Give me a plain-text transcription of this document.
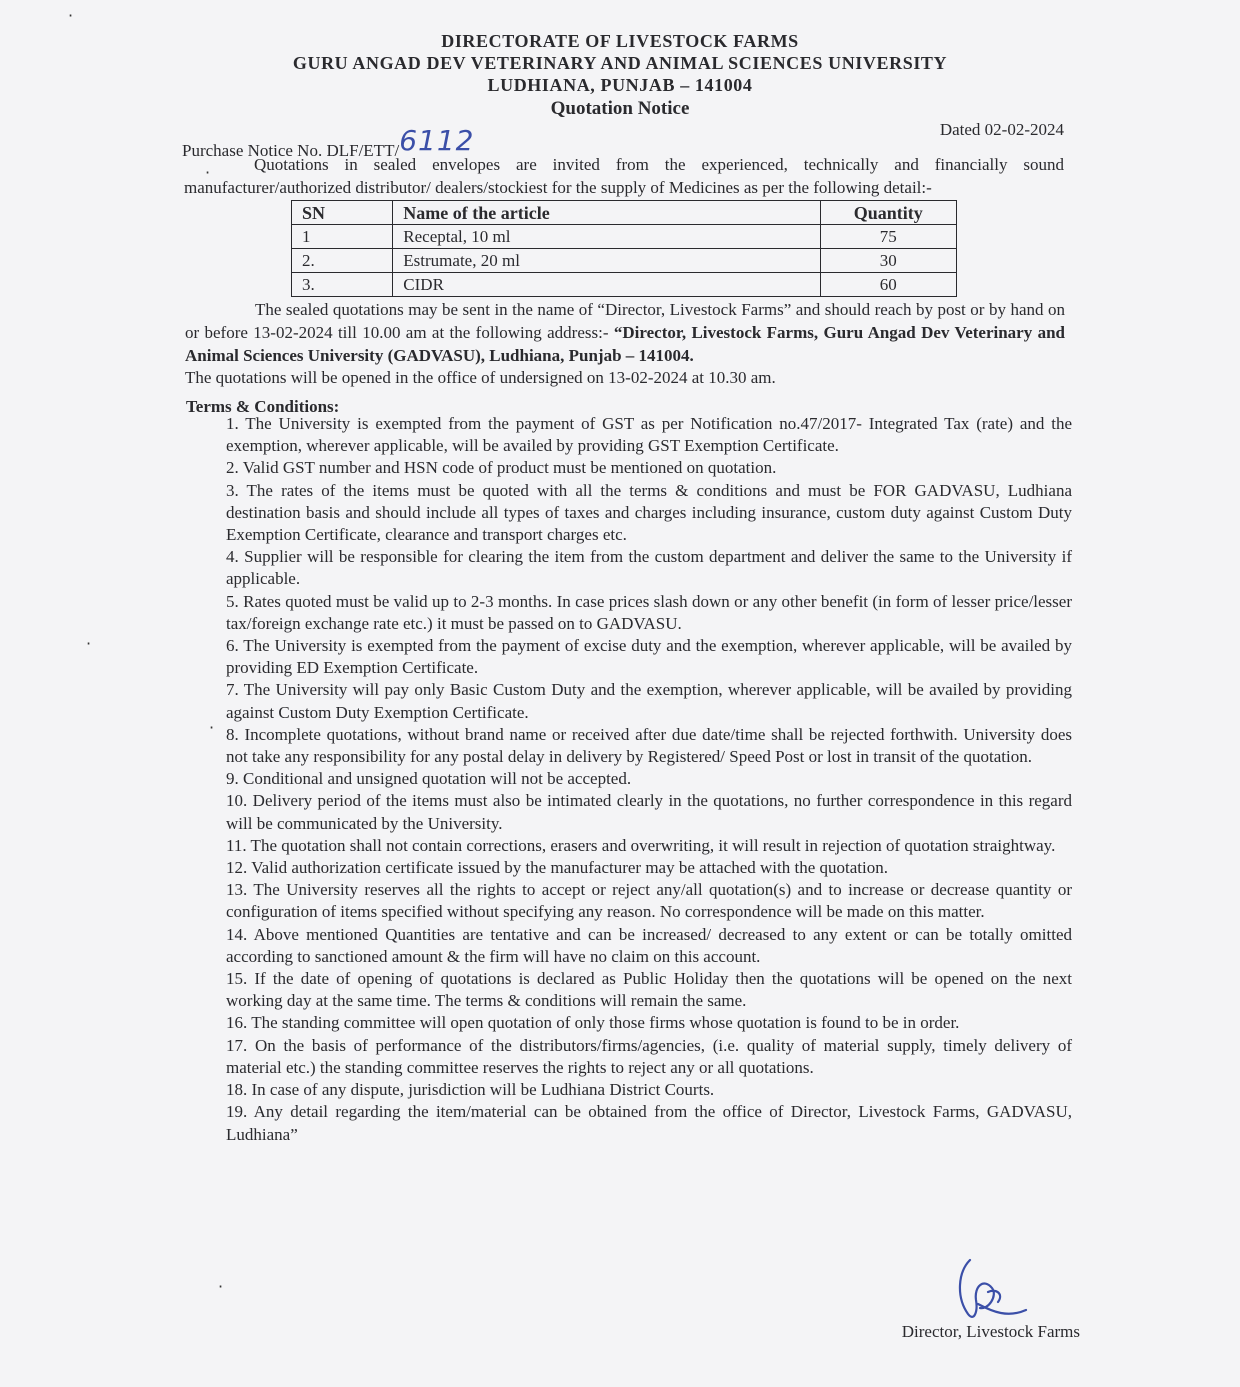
DIRECTORATE OF LIVESTOCK FARMS
GURU ANGAD DEV VETERINARY AND ANIMAL SCIENCES UNIVERSITY
LUDHIANA, PUNJAB – 141004
Quotation Notice
Purchase Notice No. DLF/ETT/6112	Dated 02-02-2024
Quotations in sealed envelopes are invited from the experienced, technically and financially sound manufacturer/authorized distributor/ dealers/stockiest for the supply of Medicines as per the following detail:-
SN	Name of the article	Quantity
1	Receptal, 10 ml	75
2.	Estrumate, 20 ml	30
3.	CIDR	60
The sealed quotations may be sent in the name of “Director, Livestock Farms” and should reach by post or by hand on or before 13-02-2024 till 10.00 am at the following address:- “Director, Livestock Farms, Guru Angad Dev Veterinary and Animal Sciences University (GADVASU), Ludhiana, Punjab – 141004.
The quotations will be opened in the office of undersigned on 13-02-2024 at 10.30 am.
Terms & Conditions:

1. The University is exempted from the payment of GST as per Notification no.47/2017- Integrated Tax (rate) and the exemption, wherever applicable, will be availed by providing GST Exemption Certificate.

2. Valid GST number and HSN code of product must be mentioned on quotation.

3. The rates of the items must be quoted with all the terms & conditions and must be FOR GADVASU, Ludhiana destination basis and should include all types of taxes and charges including insurance, custom duty against Custom Duty Exemption Certificate, clearance and transport charges etc.

4. Supplier will be responsible for clearing the item from the custom department and deliver the same to the University if applicable.

5. Rates quoted must be valid up to 2-3 months. In case prices slash down or any other benefit (in form of lesser price/lesser tax/foreign exchange rate etc.) it must be passed on to GADVASU.

6. The University is exempted from the payment of excise duty and the exemption, wherever applicable, will be availed by providing ED Exemption Certificate.

7. The University will pay only Basic Custom Duty and the exemption, wherever applicable, will be availed by providing against Custom Duty Exemption Certificate.

8. Incomplete quotations, without brand name or received after due date/time shall be rejected forthwith. University does not take any responsibility for any postal delay in delivery by Registered/ Speed Post or lost in transit of the quotation.

9. Conditional and unsigned quotation will not be accepted.

10. Delivery period of the items must also be intimated clearly in the quotations, no further correspondence in this regard will be communicated by the University.

11. The quotation shall not contain corrections, erasers and overwriting, it will result in rejection of quotation straightway.

12. Valid authorization certificate issued by the manufacturer may be attached with the quotation.

13. The University reserves all the rights to accept or reject any/all quotation(s) and to increase or decrease quantity or configuration of items specified without specifying any reason. No correspondence will be made on this matter.

14. Above mentioned Quantities are tentative and can be increased/ decreased to any extent or can be totally omitted according to sanctioned amount & the firm will have no claim on this account.

15. If the date of opening of quotations is declared as Public Holiday then the quotations will be opened on the next working day at the same time. The terms & conditions will remain the same.

16. The standing committee will open quotation of only those firms whose quotation is found to be in order.

17. On the basis of performance of the distributors/firms/agencies, (i.e. quality of material supply, timely delivery of material etc.) the standing committee reserves the rights to reject any or all quotations.

18. In case of any dispute, jurisdiction will be Ludhiana District Courts.

19. Any detail regarding the item/material can be obtained from the office of Director, Livestock Farms, GADVASU, Ludhiana”

Director, Livestock Farms
·
·
·
·
·
